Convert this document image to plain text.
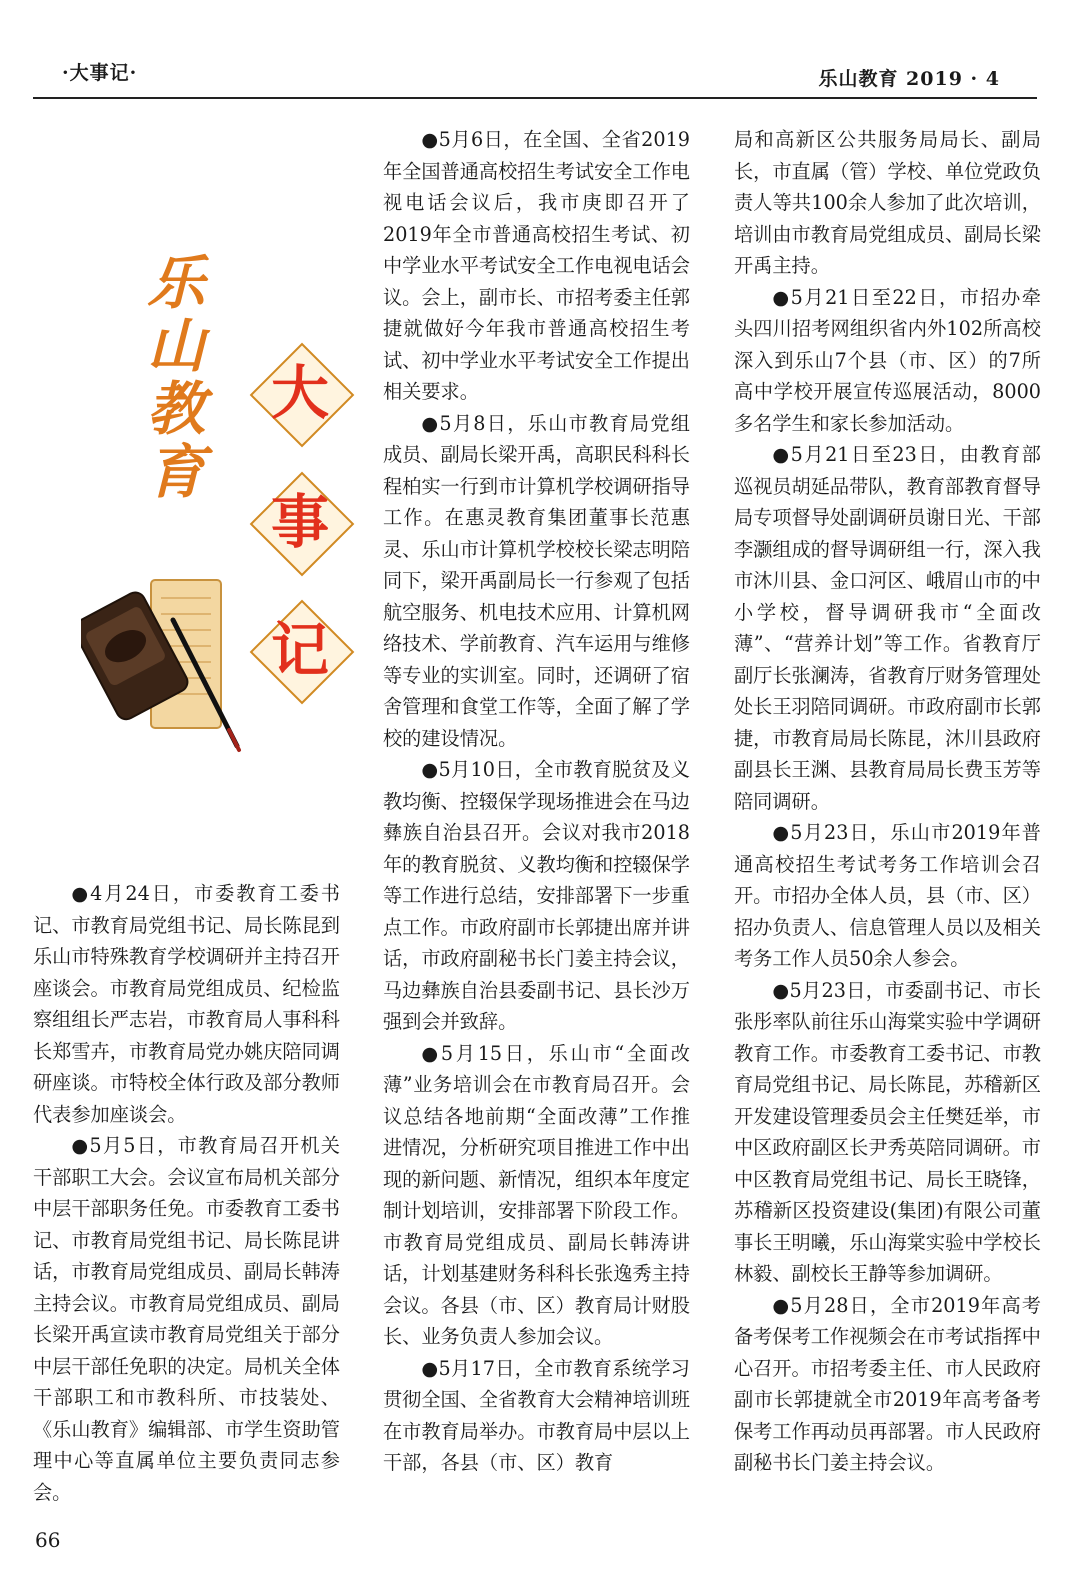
·大事记·	乐山教育 2019 · 4
乐
山
教
育
大
事
记

●4月24日，市委教育工委书记、市教育局党组书记、局长陈昆到乐山市特殊教育学校调研并主持召开座谈会。市教育局党组成员、纪检监察组组长严志岩，市教育局人事科科长郑雪卉，市教育局党办姚庆陪同调研座谈。市特校全体行政及部分教师代表参加座谈会。

●5月5日，市教育局召开机关干部职工大会。会议宣布局机关部分中层干部职务任免。市委教育工委书记、市教育局党组书记、局长陈昆讲话，市教育局党组成员、副局长韩涛主持会议。市教育局党组成员、副局长梁开禹宣读市教育局党组关于部分中层干部任免职的决定。局机关全体干部职工和市教科所、市技装处、《乐山教育》编辑部、市学生资助管理中心等直属单位主要负责同志参会。

●5月6日，在全国、全省2019年全国普通高校招生考试安全工作电视电话会议后，我市庚即召开了2019年全市普通高校招生考试、初中学业水平考试安全工作电视电话会议。会上，副市长、市招考委主任郭捷就做好今年我市普通高校招生考试、初中学业水平考试安全工作提出相关要求。

●5月8日，乐山市教育局党组成员、副局长梁开禹，高职民科科长程柏实一行到市计算机学校调研指导工作。在惠灵教育集团董事长范惠灵、乐山市计算机学校校长梁志明陪同下，梁开禹副局长一行参观了包括航空服务、机电技术应用、计算机网络技术、学前教育、汽车运用与维修等专业的实训室。同时，还调研了宿舍管理和食堂工作等，全面了解了学校的建设情况。

●5月10日，全市教育脱贫及义教均衡、控辍保学现场推进会在马边彝族自治县召开。会议对我市2018年的教育脱贫、义教均衡和控辍保学等工作进行总结，安排部署下一步重点工作。市政府副市长郭捷出席并讲话，市政府副秘书长门姜主持会议，马边彝族自治县委副书记、县长沙万强到会并致辞。

●5月15日，乐山市“全面改薄”业务培训会在市教育局召开。会议总结各地前期“全面改薄”工作推进情况，分析研究项目推进工作中出现的新问题、新情况，组织本年度定制计划培训，安排部署下阶段工作。市教育局党组成员、副局长韩涛讲话，计划基建财务科科长张逸秀主持会议。各县（市、区）教育局计财股长、业务负责人参加会议。

●5月17日，全市教育系统学习贯彻全国、全省教育大会精神培训班在市教育局举办。市教育局中层以上干部，各县（市、区）教育

局和高新区公共服务局局长、副局长，市直属（管）学校、单位党政负责人等共100余人参加了此次培训，培训由市教育局党组成员、副局长梁开禹主持。

●5月21日至22日，市招办牵头四川招考网组织省内外102所高校深入到乐山7个县（市、区）的7所高中学校开展宣传巡展活动，8000多名学生和家长参加活动。

●5月21日至23日，由教育部巡视员胡延品带队，教育部教育督导局专项督导处副调研员谢日光、干部李灏组成的督导调研组一行，深入我市沐川县、金口河区、峨眉山市的中小学校，督导调研我市“全面改薄”、“营养计划”等工作。省教育厅副厅长张澜涛，省教育厅财务管理处处长王羽陪同调研。市政府副市长郭捷，市教育局局长陈昆，沐川县政府副县长王渊、县教育局局长费玉芳等陪同调研。

●5月23日，乐山市2019年普通高校招生考试考务工作培训会召开。市招办全体人员，县（市、区）招办负责人、信息管理人员以及相关考务工作人员50余人参会。

●5月23日，市委副书记、市长张彤率队前往乐山海棠实验中学调研教育工作。市委教育工委书记、市教育局党组书记、局长陈昆，苏稽新区开发建设管理委员会主任樊廷举，市中区政府副区长尹秀英陪同调研。市中区教育局党组书记、局长王晓锋，苏稽新区投资建设(集团)有限公司董事长王明曦，乐山海棠实验中学校长林毅、副校长王静等参加调研。

●5月28日，全市2019年高考备考保考工作视频会在市考试指挥中心召开。市招考委主任、市人民政府副市长郭捷就全市2019年高考备考保考工作再动员再部署。市人民政府副秘书长门姜主持会议。

66
